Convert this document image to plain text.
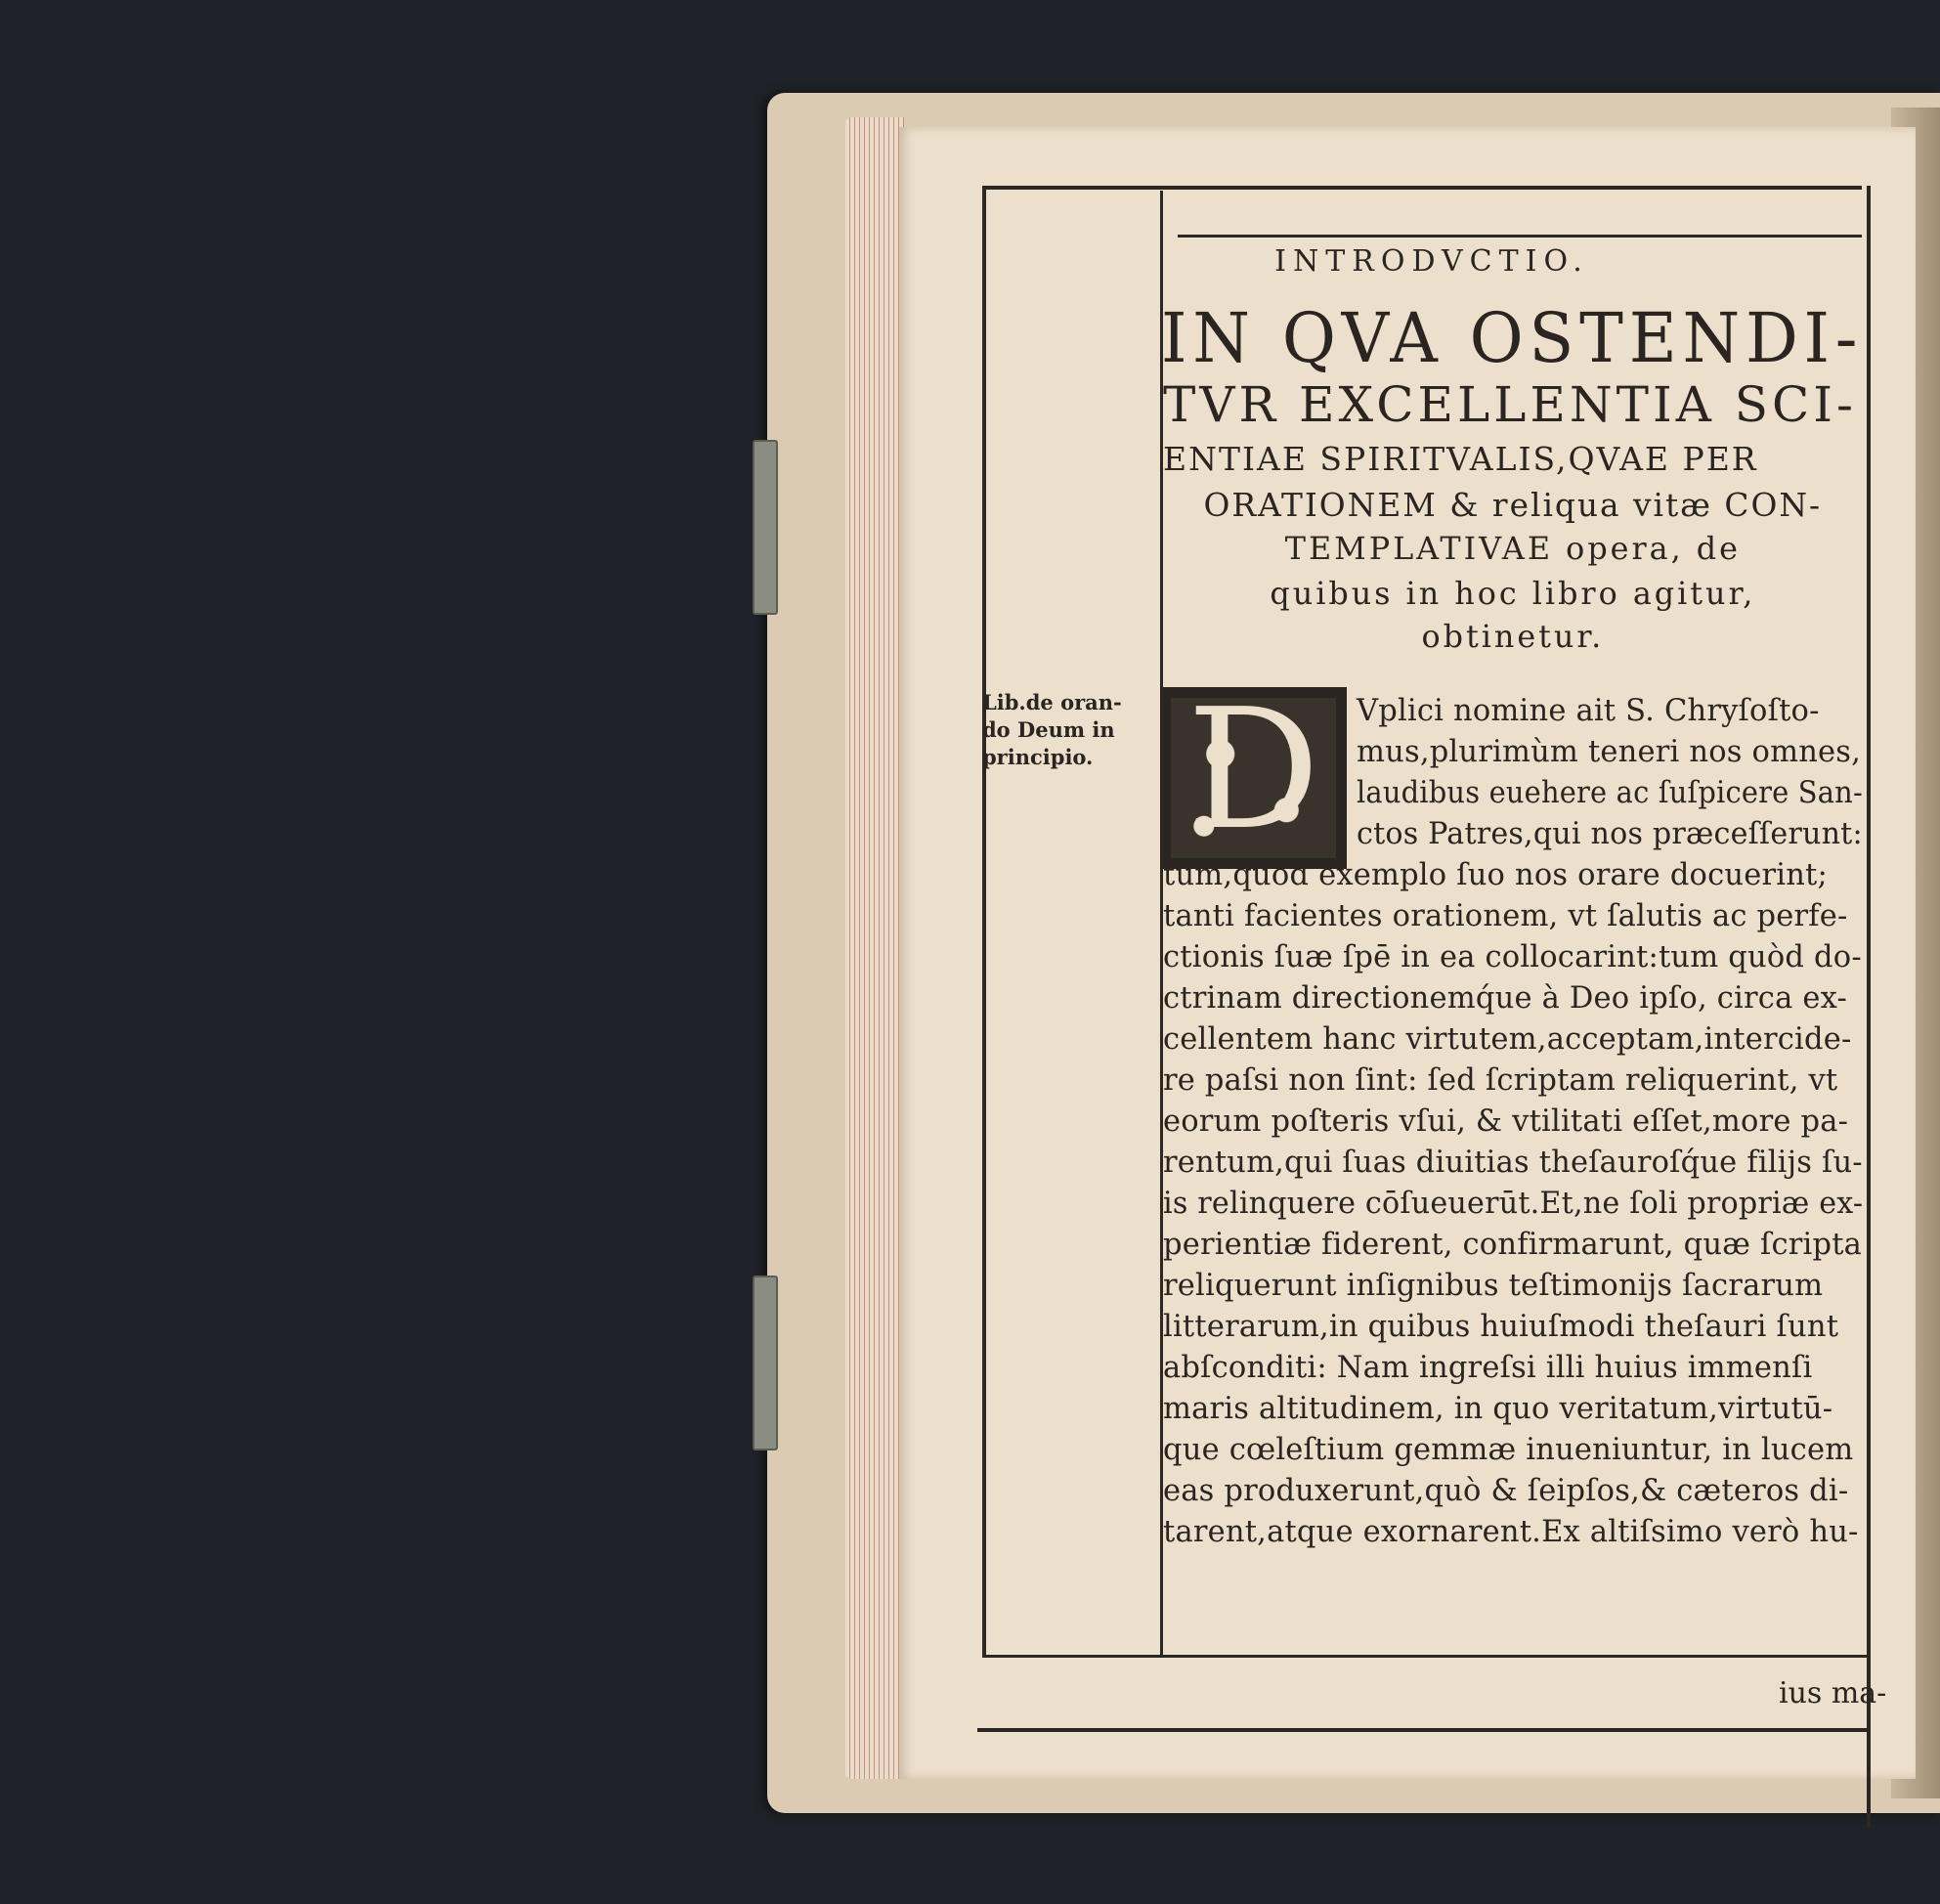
INTRODVCTIO.
IN QVA OSTENDI-
TVR EXCELLENTIA SCI-
ENTIAE SPIRITVALIS,QVAE PER
ORATIONEM & reliqua vitæ CON-
TEMPLATIVAE opera, de
quibus in hoc libro agitur,
obtinetur.
Lib.de oran-
do Deum in
principio. D	Vplici nomine ait S. Chryſoſto-
mus,plurimùm teneri nos omnes,
laudibus euehere ac ſuſpicere San-
ctos Patres,qui nos præceſſerunt:
tum,quòd exemplo ſuo nos orare docuerint;
tanti facientes orationem, vt ſalutis ac perfe-
ctionis ſuæ ſpē in ea collocarint:tum quòd do-
ctrinam directionemq́ue à Deo ipſo, circa ex-
cellentem hanc virtutem,acceptam,intercide-
re paſsi non ſint: ſed ſcriptam reliquerint, vt
eorum poſteris vſui, & vtilitati eſſet,more pa-
rentum,qui ſuas diuitias theſauroſq́ue filijs ſu-
is relinquere cōſueuerūt.Et,ne ſoli propriæ ex-
perientiæ fiderent, confirmarunt, quæ ſcripta
reliquerunt inſignibus teſtimonijs ſacrarum
litterarum,in quibus huiuſmodi theſauri ſunt
abſconditi: Nam ingreſsi illi huius immenſi
maris altitudinem, in quo veritatum,virtutū-
que cœleſtium gemmæ inueniuntur, in lucem
eas produxerunt,quò & ſeipſos,& cæteros di-
tarent,atque exornarent.Ex altiſsimo verò hu-
ius ma-
